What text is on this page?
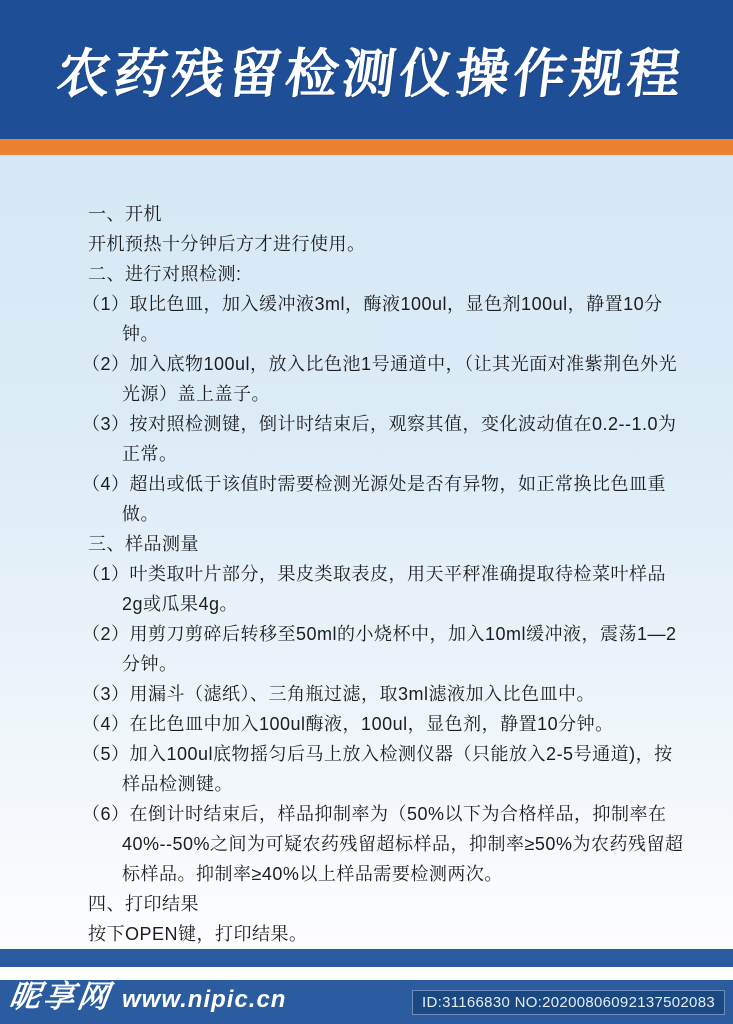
农药残留检测仪操作规程
一、开机
开机预热十分钟后方才进行使用。
二、进行对照检测:
（1）取比色皿，加入缓冲液3ml，酶液100ul，显色剂100ul，静置10分钟。
（2）加入底物100ul，放入比色池1号通道中，（让其光面对准紫荆色外光光源）盖上盖子。
（3）按对照检测键，倒计时结束后，观察其值，变化波动值在0.2--1.0为正常。
（4）超出或低于该值时需要检测光源处是否有异物，如正常换比色皿重做。
三、样品测量
（1）叶类取叶片部分，果皮类取表皮，用天平秤准确提取待检菜叶样品2g或瓜果4g。
（2）用剪刀剪碎后转移至50ml的小烧杯中，加入10ml缓冲液，震荡1—2分钟。
（3）用漏斗（滤纸）、三角瓶过滤，取3ml滤液加入比色皿中。
（4）在比色皿中加入100ul酶液，100ul，显色剂，静置10分钟。
（5）加入100ul底物摇匀后马上放入检测仪器（只能放入2-5号通道)，按样品检测键。
（6）在倒计时结束后，样品抑制率为（50%以下为合格样品，抑制率在40%--50%之间为可疑农药残留超标样品，抑制率≥50%为农药残留超标样品。抑制率≥40%以上样品需要检测两次。
四、打印结果
按下OPEN键，打印结果。
昵享网 www.nipic.cn	ID:31166830 NO:20200806092137502083
